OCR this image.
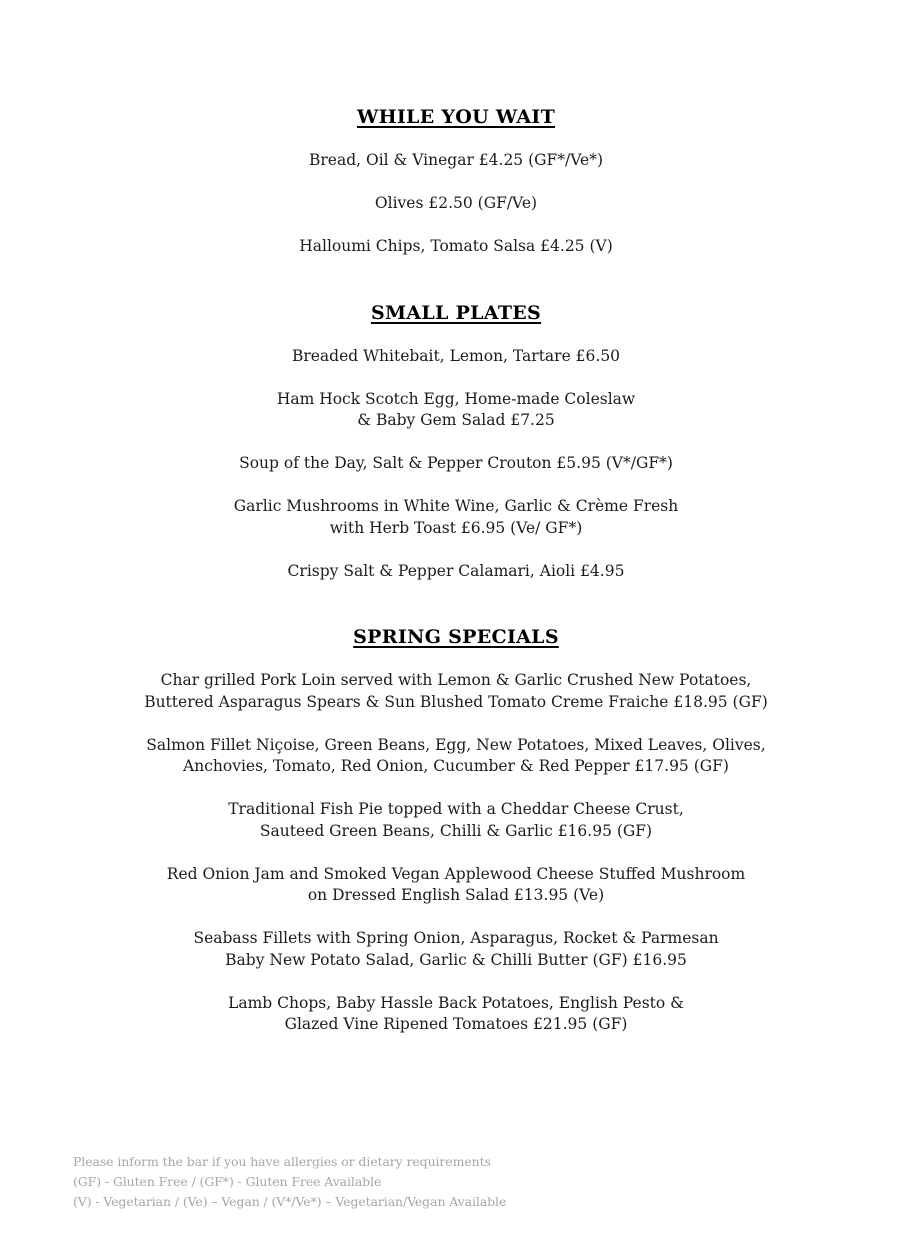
WHILE YOU WAIT

Bread, Oil & Vinegar £4.25 (GF*/Ve*)

Olives £2.50 (GF/Ve)

Halloumi Chips, Tomato Salsa £4.25 (V)

SMALL PLATES

Breaded Whitebait, Lemon, Tartare £6.50

Ham Hock Scotch Egg, Home-made Coleslaw
& Baby Gem Salad £7.25

Soup of the Day, Salt & Pepper Crouton £5.95 (V*/GF*)

Garlic Mushrooms in White Wine, Garlic & Crème Fresh
with Herb Toast £6.95 (Ve/ GF*)

Crispy Salt & Pepper Calamari, Aioli £4.95

SPRING SPECIALS

Char grilled Pork Loin served with Lemon & Garlic Crushed New Potatoes,
Buttered Asparagus Spears & Sun Blushed Tomato Creme Fraiche £18.95 (GF)

Salmon Fillet Niçoise, Green Beans, Egg, New Potatoes, Mixed Leaves, Olives,
Anchovies, Tomato, Red Onion, Cucumber & Red Pepper £17.95 (GF)

Traditional Fish Pie topped with a Cheddar Cheese Crust,
Sauteed Green Beans, Chilli & Garlic £16.95 (GF)

Red Onion Jam and Smoked Vegan Applewood Cheese Stuffed Mushroom
on Dressed English Salad £13.95 (Ve)

Seabass Fillets with Spring Onion, Asparagus, Rocket & Parmesan
Baby New Potato Salad, Garlic & Chilli Butter (GF) £16.95

Lamb Chops, Baby Hassle Back Potatoes, English Pesto &
Glazed Vine Ripened Tomatoes £21.95 (GF)

Please inform the bar if you have allergies or dietary requirements

(GF) - Gluten Free / (GF*) - Gluten Free Available

(V) - Vegetarian / (Ve) – Vegan / (V*/Ve*) – Vegetarian/Vegan Available
